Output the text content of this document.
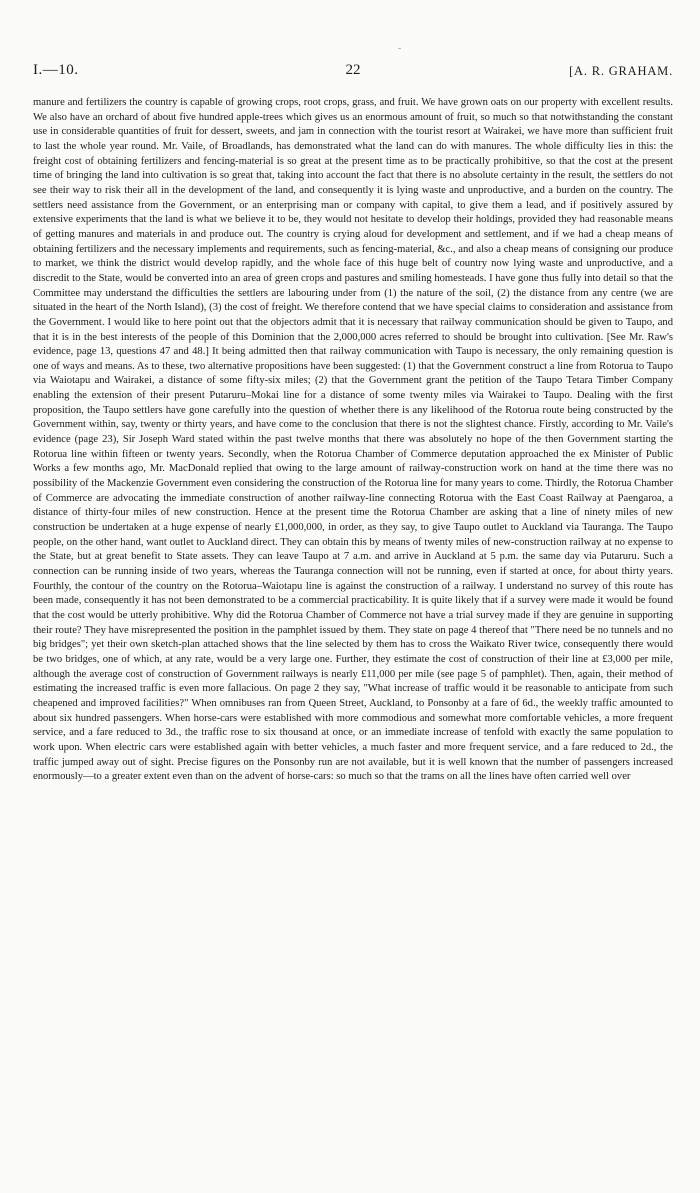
I.—10.	22	[A. R. GRAHAM.
manure and fertilizers the country is capable of growing crops, root crops, grass, and fruit. We have grown oats on our property with excellent results. We also have an orchard of about five hundred apple-trees which gives us an enormous amount of fruit, so much so that notwithstanding the constant use in considerable quantities of fruit for dessert, sweets, and jam in connection with the tourist resort at Wairakei, we have more than sufficient fruit to last the whole year round. Mr. Vaile, of Broadlands, has demonstrated what the land can do with manures. The whole difficulty lies in this: the freight cost of obtaining fertilizers and fencing-material is so great at the present time as to be practically prohibitive, so that the cost at the present time of bringing the land into cultivation is so great that, taking into account the fact that there is no absolute certainty in the result, the settlers do not see their way to risk their all in the development of the land, and consequently it is lying waste and unproductive, and a burden on the country. The settlers need assistance from the Government, or an enterprising man or company with capital, to give them a lead, and if positively assured by extensive experiments that the land is what we believe it to be, they would not hesitate to develop their holdings, provided they had reasonable means of getting manures and materials in and produce out. The country is crying aloud for development and settlement, and if we had a cheap means of obtaining fertilizers and the necessary implements and requirements, such as fencing-material, &c., and also a cheap means of consigning our produce to market, we think the district would develop rapidly, and the whole face of this huge belt of country now lying waste and unproductive, and a discredit to the State, would be converted into an area of green crops and pastures and smiling homesteads. I have gone thus fully into detail so that the Committee may understand the difficulties the settlers are labouring under from (1) the nature of the soil, (2) the distance from any centre (we are situated in the heart of the North Island), (3) the cost of freight. We therefore contend that we have special claims to consideration and assistance from the Government. I would like to here point out that the objectors admit that it is necessary that railway communication should be given to Taupo, and that it is in the best interests of the people of this Dominion that the 2,000,000 acres referred to should be brought into cultivation. [See Mr. Raw's evidence, page 13, questions 47 and 48.] It being admitted then that railway communication with Taupo is necessary, the only remaining question is one of ways and means. As to these, two alternative propositions have been suggested: (1) that the Government construct a line from Rotorua to Taupo via Waiotapu and Wairakei, a distance of some fifty-six miles; (2) that the Government grant the petition of the Taupo Tetara Timber Company enabling the extension of their present Putaruru–Mokai line for a distance of some twenty miles via Wairakei to Taupo. Dealing with the first proposition, the Taupo settlers have gone carefully into the question of whether there is any likelihood of the Rotorua route being constructed by the Government within, say, twenty or thirty years, and have come to the conclusion that there is not the slightest chance. Firstly, according to Mr. Vaile's evidence (page 23), Sir Joseph Ward stated within the past twelve months that there was absolutely no hope of the then Government starting the Rotorua line within fifteen or twenty years. Secondly, when the Rotorua Chamber of Commerce deputation approached the ex Minister of Public Works a few months ago, Mr. MacDonald replied that owing to the large amount of railway-construction work on hand at the time there was no possibility of the Mackenzie Government even considering the construction of the Rotorua line for many years to come. Thirdly, the Rotorua Chamber of Commerce are advocating the immediate construction of another railway-line connecting Rotorua with the East Coast Railway at Paengaroa, a distance of thirty-four miles of new construction. Hence at the present time the Rotorua Chamber are asking that a line of ninety miles of new construction be undertaken at a huge expense of nearly £1,000,000, in order, as they say, to give Taupo outlet to Auckland via Tauranga. The Taupo people, on the other hand, want outlet to Auckland direct. They can obtain this by means of twenty miles of new-construction railway at no expense to the State, but at great benefit to State assets. They can leave Taupo at 7 a.m. and arrive in Auckland at 5 p.m. the same day via Putaruru. Such a connection can be running inside of two years, whereas the Tauranga connection will not be running, even if started at once, for about thirty years. Fourthly, the contour of the country on the Rotorua–Waiotapu line is against the construction of a railway. I understand no survey of this route has been made, consequently it has not been demonstrated to be a commercial practicability. It is quite likely that if a survey were made it would be found that the cost would be utterly prohibitive. Why did the Rotorua Chamber of Commerce not have a trial survey made if they are genuine in supporting their route? They have misrepresented the position in the pamphlet issued by them. They state on page 4 thereof that "There need be no tunnels and no big bridges"; yet their own sketch-plan attached shows that the line selected by them has to cross the Waikato River twice, consequently there would be two bridges, one of which, at any rate, would be a very large one. Further, they estimate the cost of construction of their line at £3,000 per mile, although the average cost of construction of Government railways is nearly £11,000 per mile (see page 5 of pamphlet). Then, again, their method of estimating the increased traffic is even more fallacious. On page 2 they say, "What increase of traffic would it be reasonable to anticipate from such cheapened and improved facilities?" When omnibuses ran from Queen Street, Auckland, to Ponsonby at a fare of 6d., the weekly traffic amounted to about six hundred passengers. When horse-cars were established with more commodious and somewhat more comfortable vehicles, a more frequent service, and a fare reduced to 3d., the traffic rose to six thousand at once, or an immediate increase of tenfold with exactly the same population to work upon. When electric cars were established again with better vehicles, a much faster and more frequent service, and a fare reduced to 2d., the traffic jumped away out of sight. Precise figures on the Ponsonby run are not available, but it is well known that the number of passengers increased enormously—to a greater extent even than on the advent of horse-cars: so much so that the trams on all the lines have often carried well over
